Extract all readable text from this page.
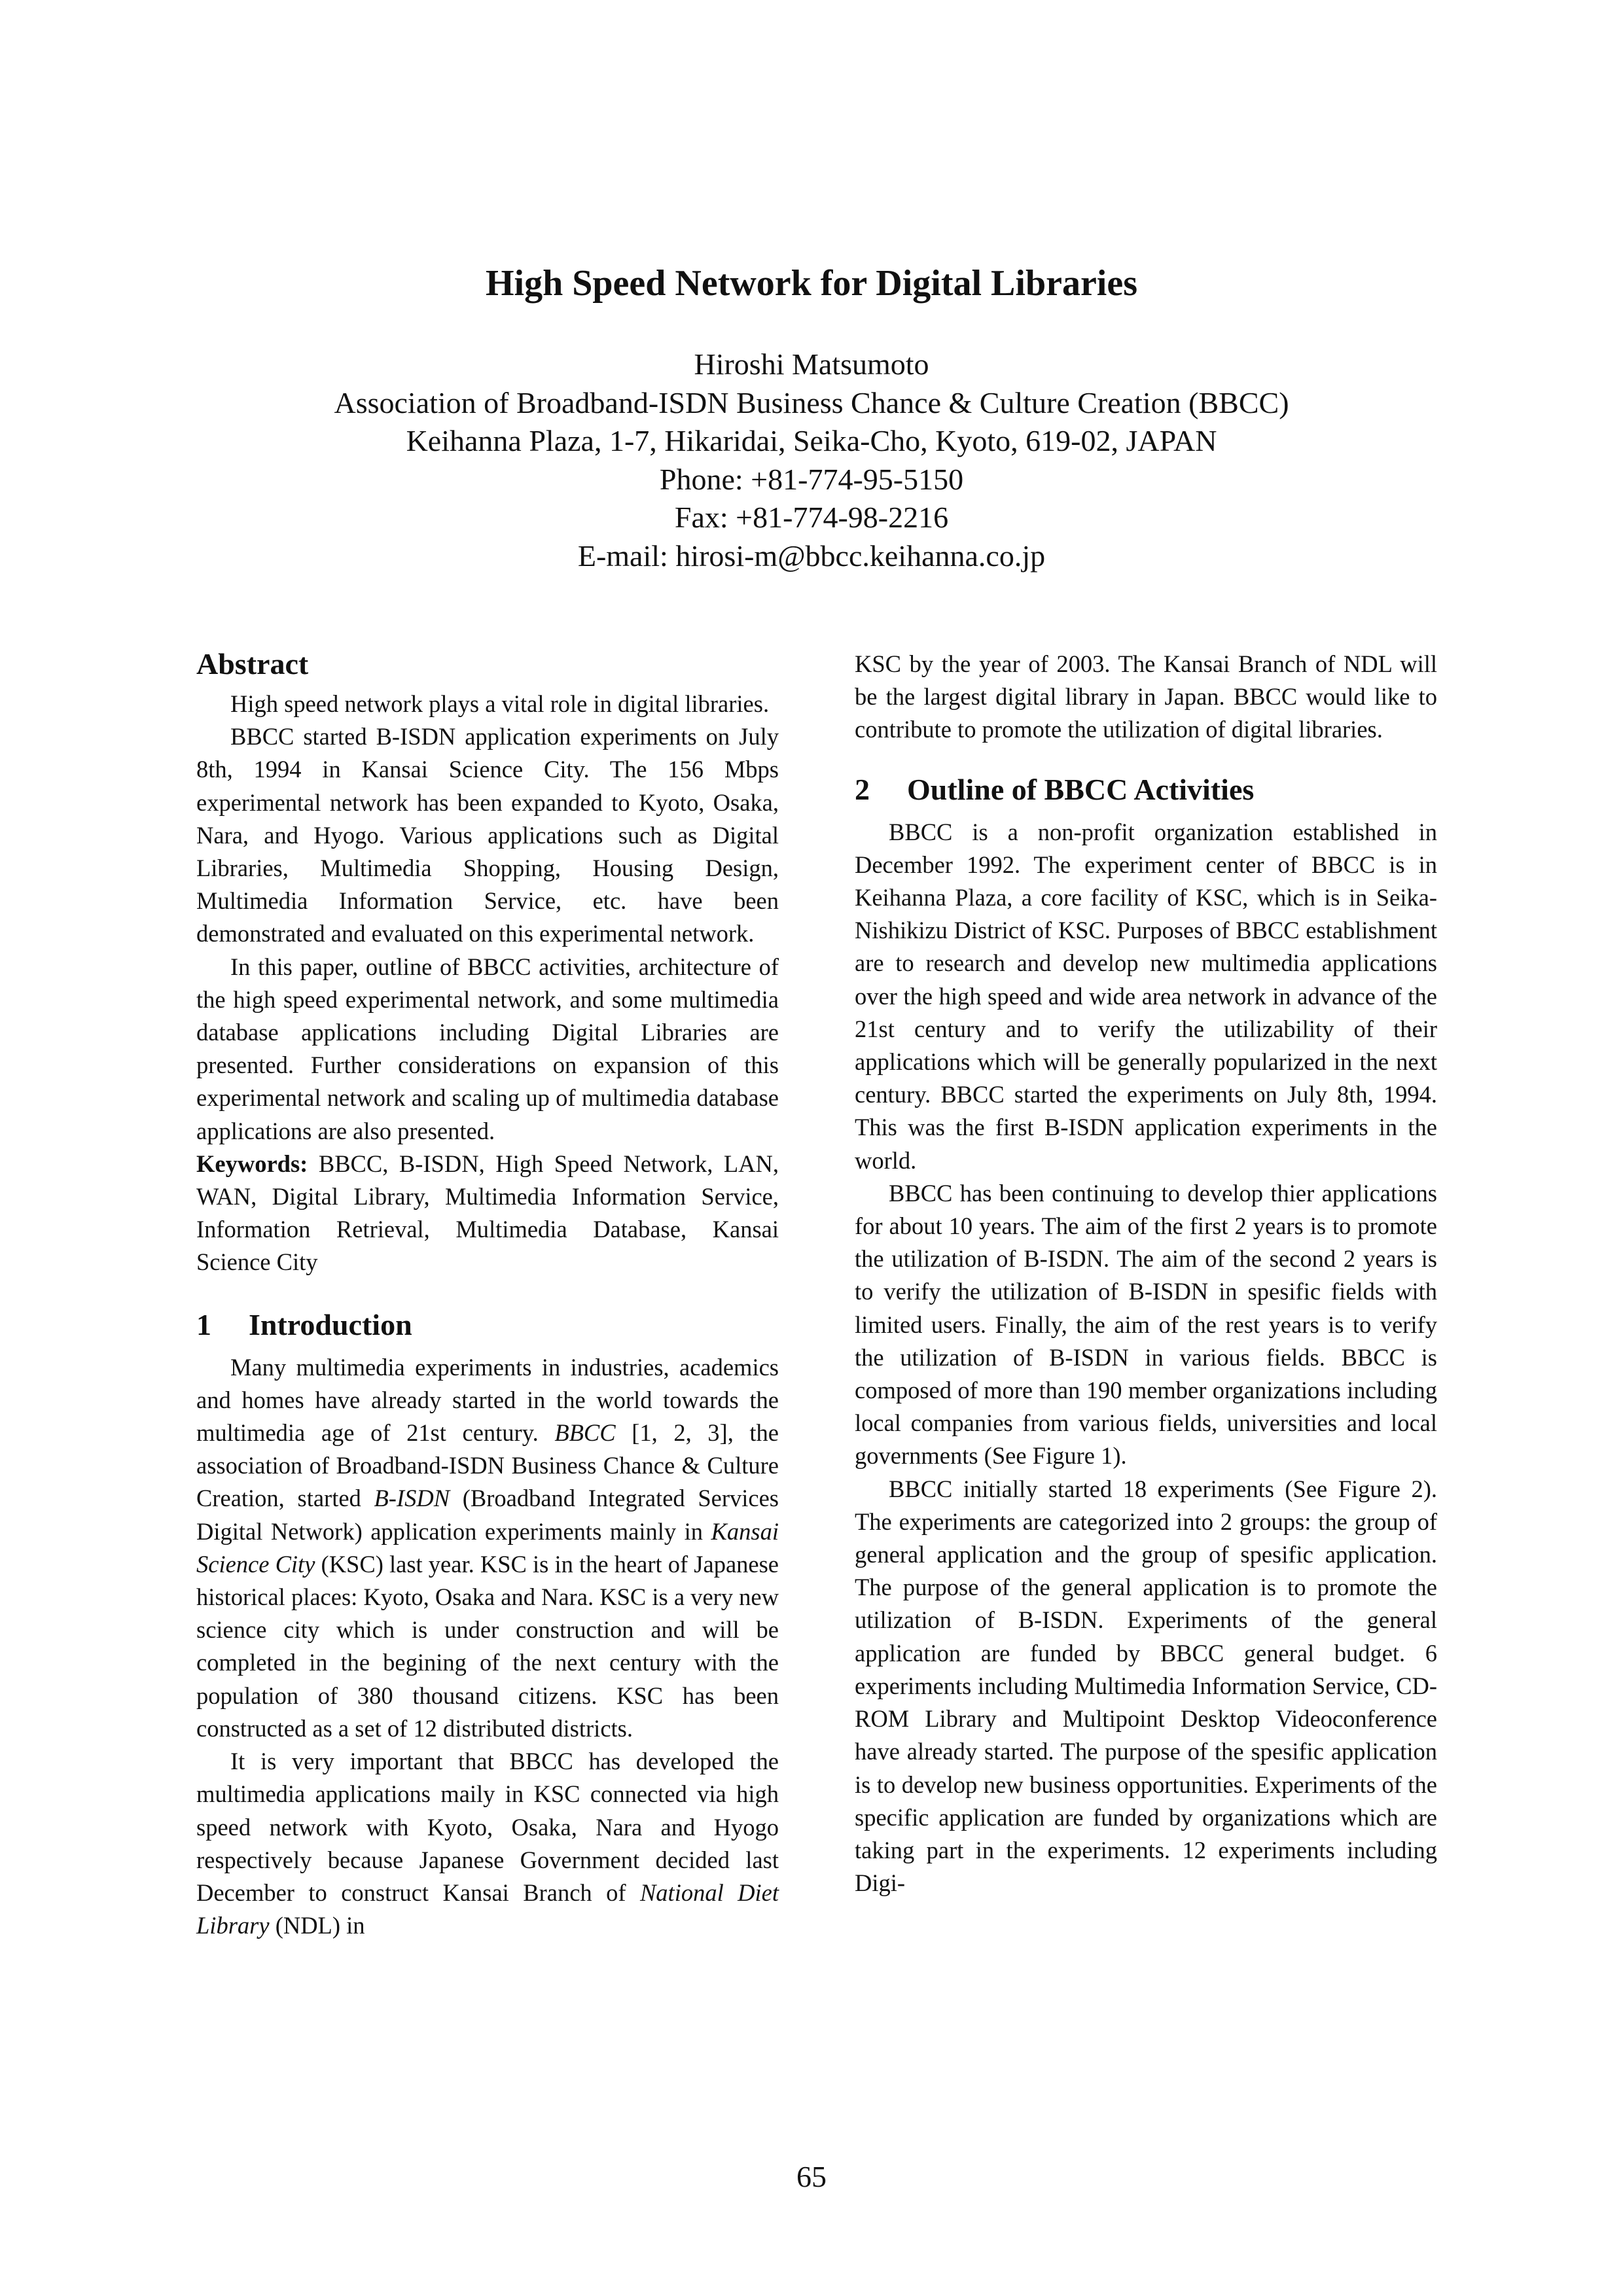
High Speed Network for Digital Libraries
Hiroshi Matsumoto
Association of Broadband-ISDN Business Chance & Culture Creation (BBCC)
Keihanna Plaza, 1-7, Hikaridai, Seika-Cho, Kyoto, 619-02, JAPAN
Phone: +81-774-95-5150
Fax: +81-774-98-2216
E-mail: hirosi-m@bbcc.keihanna.co.jp
Abstract

High speed network plays a vital role in digital libraries.

BBCC started B-ISDN application experiments on July 8th, 1994 in Kansai Science City. The 156 Mbps experimental network has been expanded to Kyoto, Osaka, Nara, and Hyogo. Various applications such as Digital Libraries, Multimedia Shopping, Housing Design, Multimedia Information Service, etc. have been demonstrated and evaluated on this experimental network.

In this paper, outline of BBCC activities, architecture of the high speed experimental network, and some multimedia database applications including Digital Libraries are presented. Further considerations on expansion of this experimental network and scaling up of multimedia database applications are also presented.

Keywords: BBCC, B-ISDN, High Speed Network, LAN, WAN, Digital Library, Multimedia Information Service, Information Retrieval, Multimedia Database, Kansai Science City

1 Introduction

Many multimedia experiments in industries, academics and homes have already started in the world towards the multimedia age of 21st century. BBCC [1, 2, 3], the association of Broadband-ISDN Business Chance & Culture Creation, started B-ISDN (Broadband Integrated Services Digital Network) application experiments mainly in Kansai Science City (KSC) last year. KSC is in the heart of Japanese historical places: Kyoto, Osaka and Nara. KSC is a very new science city which is under construction and will be completed in the begining of the next century with the population of 380 thousand citizens. KSC has been constructed as a set of 12 distributed districts.

It is very important that BBCC has developed the multimedia applications maily in KSC connected via high speed network with Kyoto, Osaka, Nara and Hyogo respectively because Japanese Government decided last December to construct Kansai Branch of National Diet Library (NDL) in

KSC by the year of 2003. The Kansai Branch of NDL will be the largest digital library in Japan. BBCC would like to contribute to promote the utilization of digital libraries.

2 Outline of BBCC Activities

BBCC is a non-profit organization established in December 1992. The experiment center of BBCC is in Keihanna Plaza, a core facility of KSC, which is in Seika-Nishikizu District of KSC. Purposes of BBCC establishment are to research and develop new multimedia applications over the high speed and wide area network in advance of the 21st century and to verify the utilizability of their applications which will be generally popularized in the next century. BBCC started the experiments on July 8th, 1994. This was the first B-ISDN application experiments in the world.

BBCC has been continuing to develop thier applications for about 10 years. The aim of the first 2 years is to promote the utilization of B-ISDN. The aim of the second 2 years is to verify the utilization of B-ISDN in spesific fields with limited users. Finally, the aim of the rest years is to verify the utilization of B-ISDN in various fields. BBCC is composed of more than 190 member organizations including local companies from various fields, universities and local governments (See Figure 1).

BBCC initially started 18 experiments (See Figure 2). The experiments are categorized into 2 groups: the group of general application and the group of spesific application. The purpose of the general application is to promote the utilization of B-ISDN. Experiments of the general application are funded by BBCC general budget. 6 experiments including Multimedia Information Service, CD-ROM Library and Multipoint Desktop Videoconference have already started. The purpose of the spesific application is to develop new business opportunities. Experiments of the specific application are funded by organizations which are taking part in the experiments. 12 experiments including Digi-

65
